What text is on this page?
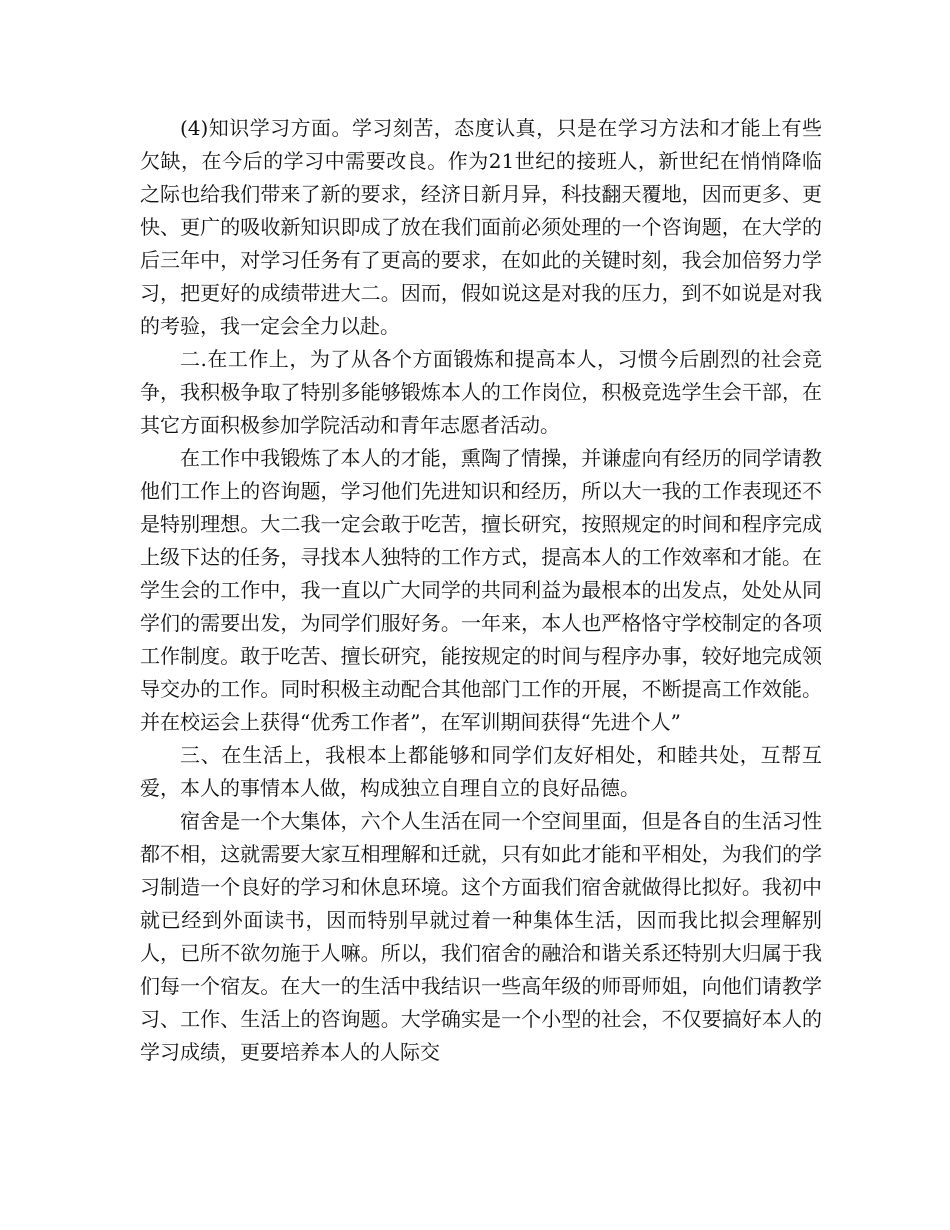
(4)知识学习方面。学习刻苦，态度认真，只是在学习方法和才能上有些欠缺，在今后的学习中需要改良。作为21世纪的接班人，新世纪在悄悄降临之际也给我们带来了新的要求，经济日新月异，科技翻天覆地，因而更多、更快、更广的吸收新知识即成了放在我们面前必须处理的一个咨询题，在大学的后三年中，对学习任务有了更高的要求，在如此的关键时刻，我会加倍努力学习，把更好的成绩带进大二。因而，假如说这是对我的压力，到不如说是对我的考验，我一定会全力以赴。

二.在工作上，为了从各个方面锻炼和提高本人，习惯今后剧烈的社会竞争，我积极争取了特别多能够锻炼本人的工作岗位，积极竞选学生会干部，在其它方面积极参加学院活动和青年志愿者活动。

在工作中我锻炼了本人的才能，熏陶了情操，并谦虚向有经历的同学请教他们工作上的咨询题，学习他们先进知识和经历，所以大一我的工作表现还不是特别理想。大二我一定会敢于吃苦，擅长研究，按照规定的时间和程序完成上级下达的任务，寻找本人独特的工作方式，提高本人的工作效率和才能。在学生会的工作中，我一直以广大同学的共同利益为最根本的出发点，处处从同学们的需要出发，为同学们服好务。一年来，本人也严格恪守学校制定的各项工作制度。敢于吃苦、擅长研究，能按规定的时间与程序办事，较好地完成领导交办的工作。同时积极主动配合其他部门工作的开展，不断提高工作效能。并在校运会上获得“优秀工作者”，在军训期间获得“先进个人”

三、在生活上，我根本上都能够和同学们友好相处，和睦共处，互帮互爱，本人的事情本人做，构成独立自理自立的良好品德。

宿舍是一个大集体，六个人生活在同一个空间里面，但是各自的生活习性都不相，这就需要大家互相理解和迁就，只有如此才能和平相处，为我们的学习制造一个良好的学习和休息环境。这个方面我们宿舍就做得比拟好。我初中就已经到外面读书，因而特别早就过着一种集体生活，因而我比拟会理解别人，已所不欲勿施于人嘛。所以，我们宿舍的融洽和谐关系还特别大归属于我们每一个宿友。在大一的生活中我结识一些高年级的师哥师姐，向他们请教学习、工作、生活上的咨询题。大学确实是一个小型的社会，不仅要搞好本人的学习成绩，更要培养本人的人际交
